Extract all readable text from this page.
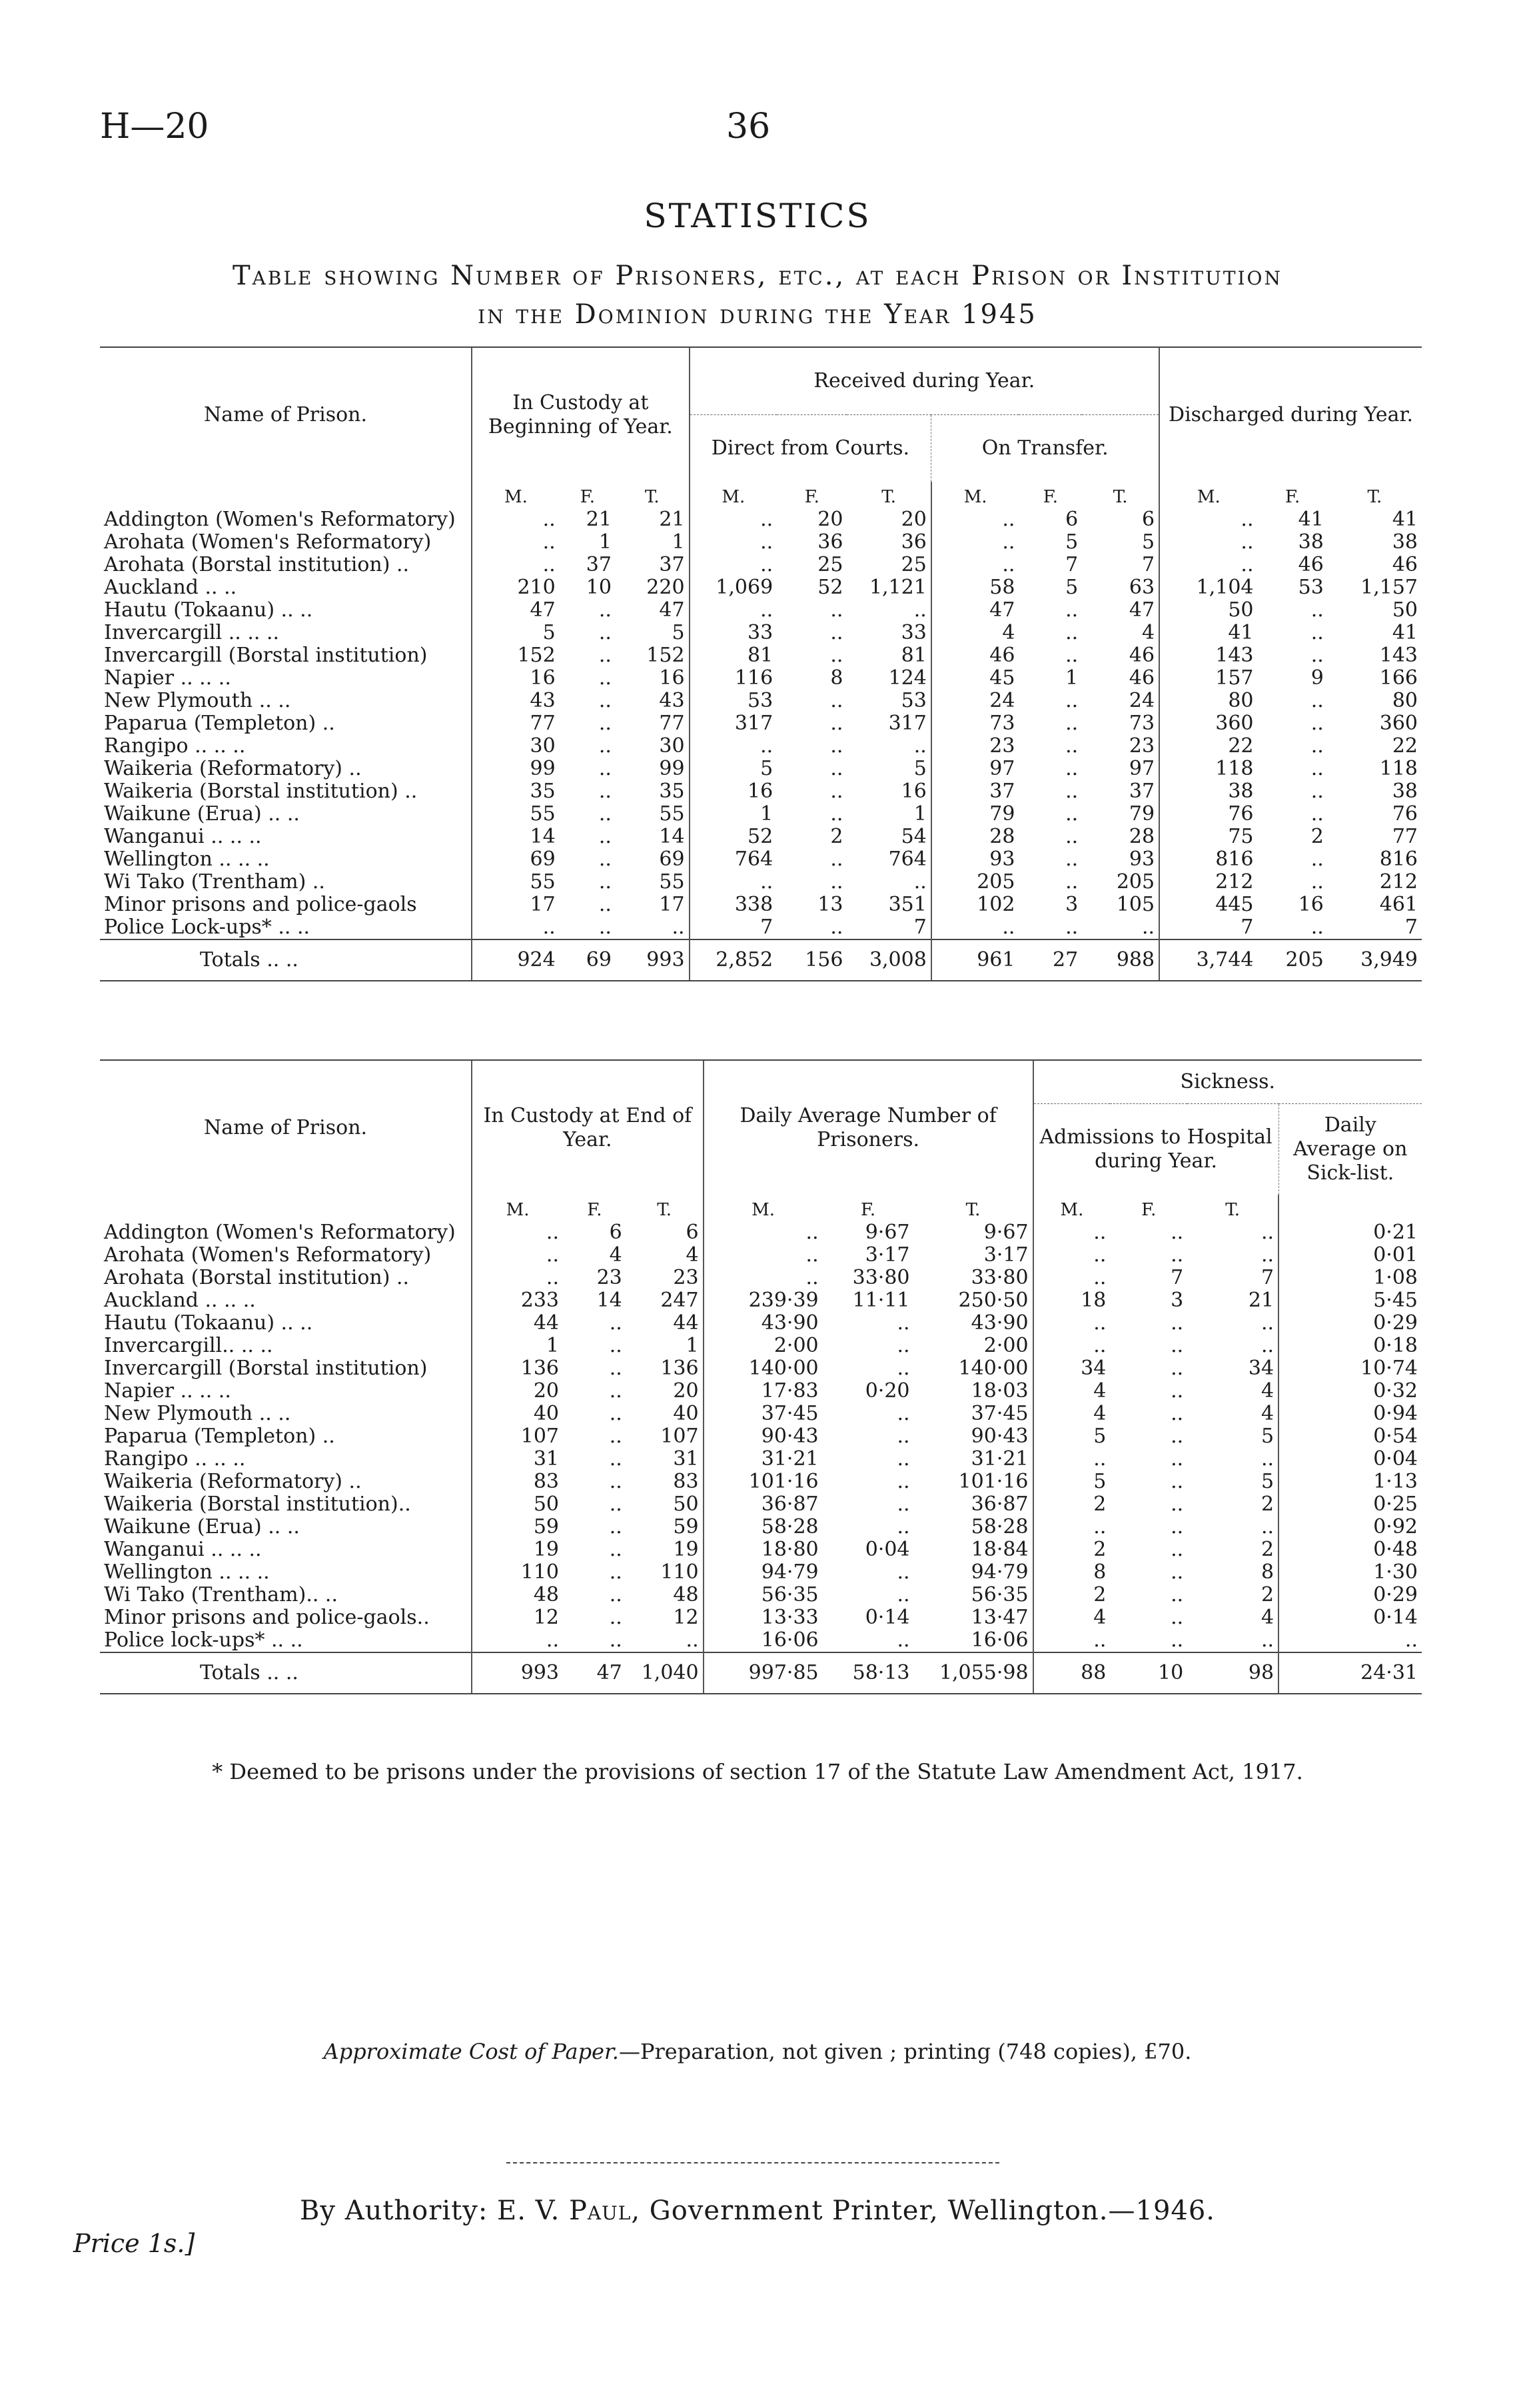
H—20	36
STATISTICS
Table showing Number of Prisoners, etc., at each Prison or Institution
in the Dominion during the Year 1945
Name of Prison.	In Custody at Beginning of Year.			Received during Year.						Discharged during Year.		
				Direct from Courts.			On Transfer.					
	M.	F.	T.	M.	F.	T.	M.	F.	T.	M.	F.	T.
Addington (Women's Reformatory)	..	21	21	..	20	20	..	6	6	..	41	41
Arohata (Women's Reformatory)	..	1	1	..	36	36	..	5	5	..	38	38
Arohata (Borstal institution) ..	..	37	37	..	25	25	..	7	7	..	46	46
Auckland .. ..	210	10	220	1,069	52	1,121	58	5	63	1,104	53	1,157
Hautu (Tokaanu) .. ..	47	..	47	..	..	..	47	..	47	50	..	50
Invercargill .. .. ..	5	..	5	33	..	33	4	..	4	41	..	41
Invercargill (Borstal institution)	152	..	152	81	..	81	46	..	46	143	..	143
Napier .. .. ..	16	..	16	116	8	124	45	1	46	157	9	166
New Plymouth .. ..	43	..	43	53	..	53	24	..	24	80	..	80
Paparua (Templeton) ..	77	..	77	317	..	317	73	..	73	360	..	360
Rangipo .. .. ..	30	..	30	..	..	..	23	..	23	22	..	22
Waikeria (Reformatory) ..	99	..	99	5	..	5	97	..	97	118	..	118
Waikeria (Borstal institution) ..	35	..	35	16	..	16	37	..	37	38	..	38
Waikune (Erua) .. ..	55	..	55	1	..	1	79	..	79	76	..	76
Wanganui .. .. ..	14	..	14	52	2	54	28	..	28	75	2	77
Wellington .. .. ..	69	..	69	764	..	764	93	..	93	816	..	816
Wi Tako (Trentham) ..	55	..	55	..	..	..	205	..	205	212	..	212
Minor prisons and police-gaols	17	..	17	338	13	351	102	3	105	445	16	461
Police Lock-ups* .. ..	..	..	..	7	..	7	..	..	..	7	..	7
Totals .. ..	924	69	993	2,852	156	3,008	961	27	988	3,744	205	3,949
Name of Prison.	In Custody at End of Year.			Daily Average Number of Prisoners.			Sickness.			
							Admissions to Hospital during Year.			Daily Average on Sick-list.
	M.	F.	T.	M.	F.	T.	M.	F.	T.	
Addington (Women's Reformatory)	..	6	6	..	9·67	9·67	..	..	..	0·21
Arohata (Women's Reformatory)	..	4	4	..	3·17	3·17	..	..	..	0·01
Arohata (Borstal institution) ..	..	23	23	..	33·80	33·80	..	7	7	1·08
Auckland .. .. ..	233	14	247	239·39	11·11	250·50	18	3	21	5·45
Hautu (Tokaanu) .. ..	44	..	44	43·90	..	43·90	..	..	..	0·29
Invercargill.. .. ..	1	..	1	2·00	..	2·00	..	..	..	0·18
Invercargill (Borstal institution)	136	..	136	140·00	..	140·00	34	..	34	10·74
Napier .. .. ..	20	..	20	17·83	0·20	18·03	4	..	4	0·32
New Plymouth .. ..	40	..	40	37·45	..	37·45	4	..	4	0·94
Paparua (Templeton) ..	107	..	107	90·43	..	90·43	5	..	5	0·54
Rangipo .. .. ..	31	..	31	31·21	..	31·21	..	..	..	0·04
Waikeria (Reformatory) ..	83	..	83	101·16	..	101·16	5	..	5	1·13
Waikeria (Borstal institution)..	50	..	50	36·87	..	36·87	2	..	2	0·25
Waikune (Erua) .. ..	59	..	59	58·28	..	58·28	..	..	..	0·92
Wanganui .. .. ..	19	..	19	18·80	0·04	18·84	2	..	2	0·48
Wellington .. .. ..	110	..	110	94·79	..	94·79	8	..	8	1·30
Wi Tako (Trentham).. ..	48	..	48	56·35	..	56·35	2	..	2	0·29
Minor prisons and police-gaols..	12	..	12	13·33	0·14	13·47	4	..	4	0·14
Police lock-ups* .. ..	..	..	..	16·06	..	16·06	..	..	..	..
Totals .. ..	993	47	1,040	997·85	58·13	1,055·98	88	10	98	24·31
* Deemed to be prisons under the provisions of section 17 of the Statute Law Amendment Act, 1917.
Approximate Cost of Paper.—Preparation, not given ; printing (748 copies), £70.
By Authority: E. V. Paul, Government Printer, Wellington.—1946.
Price 1s.]
